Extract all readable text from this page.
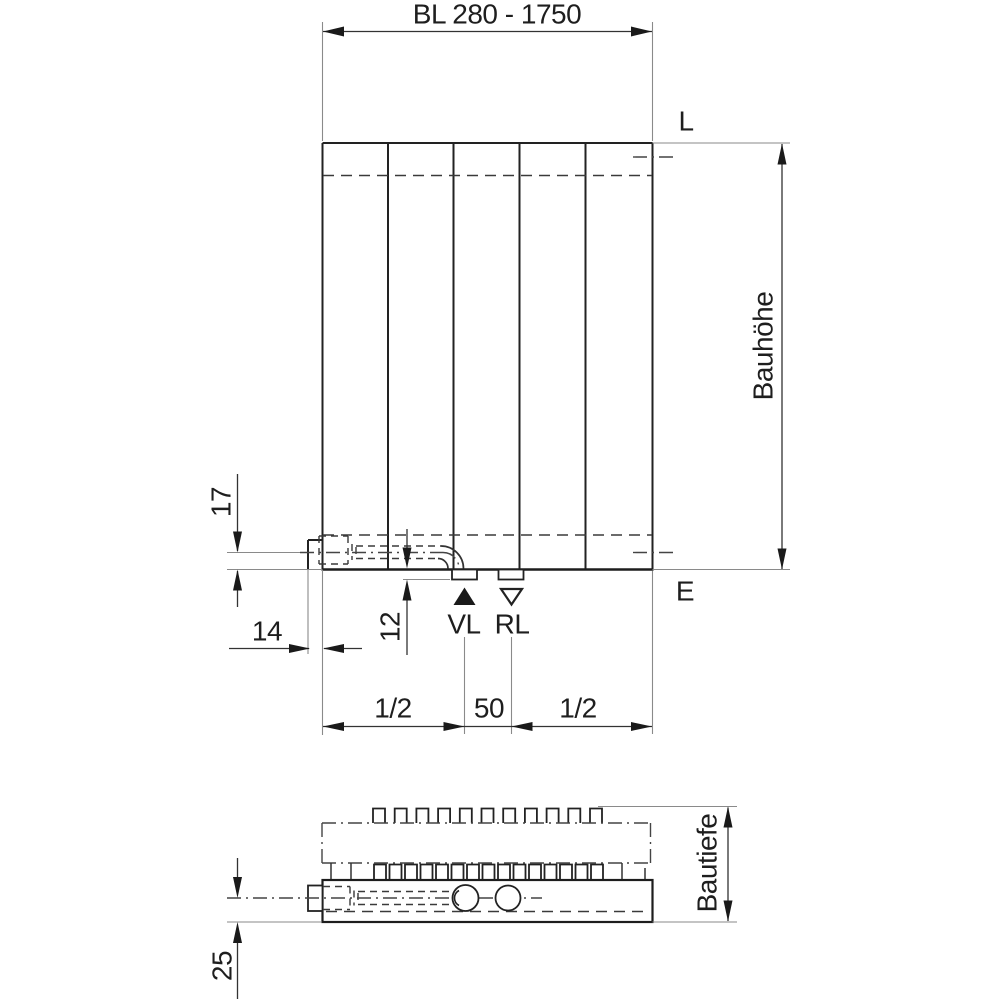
BL 280 - 1750
L
E
Bauhöhe
VL RL
17
14	12
1/2 50 1/2
25
Bautiefe
